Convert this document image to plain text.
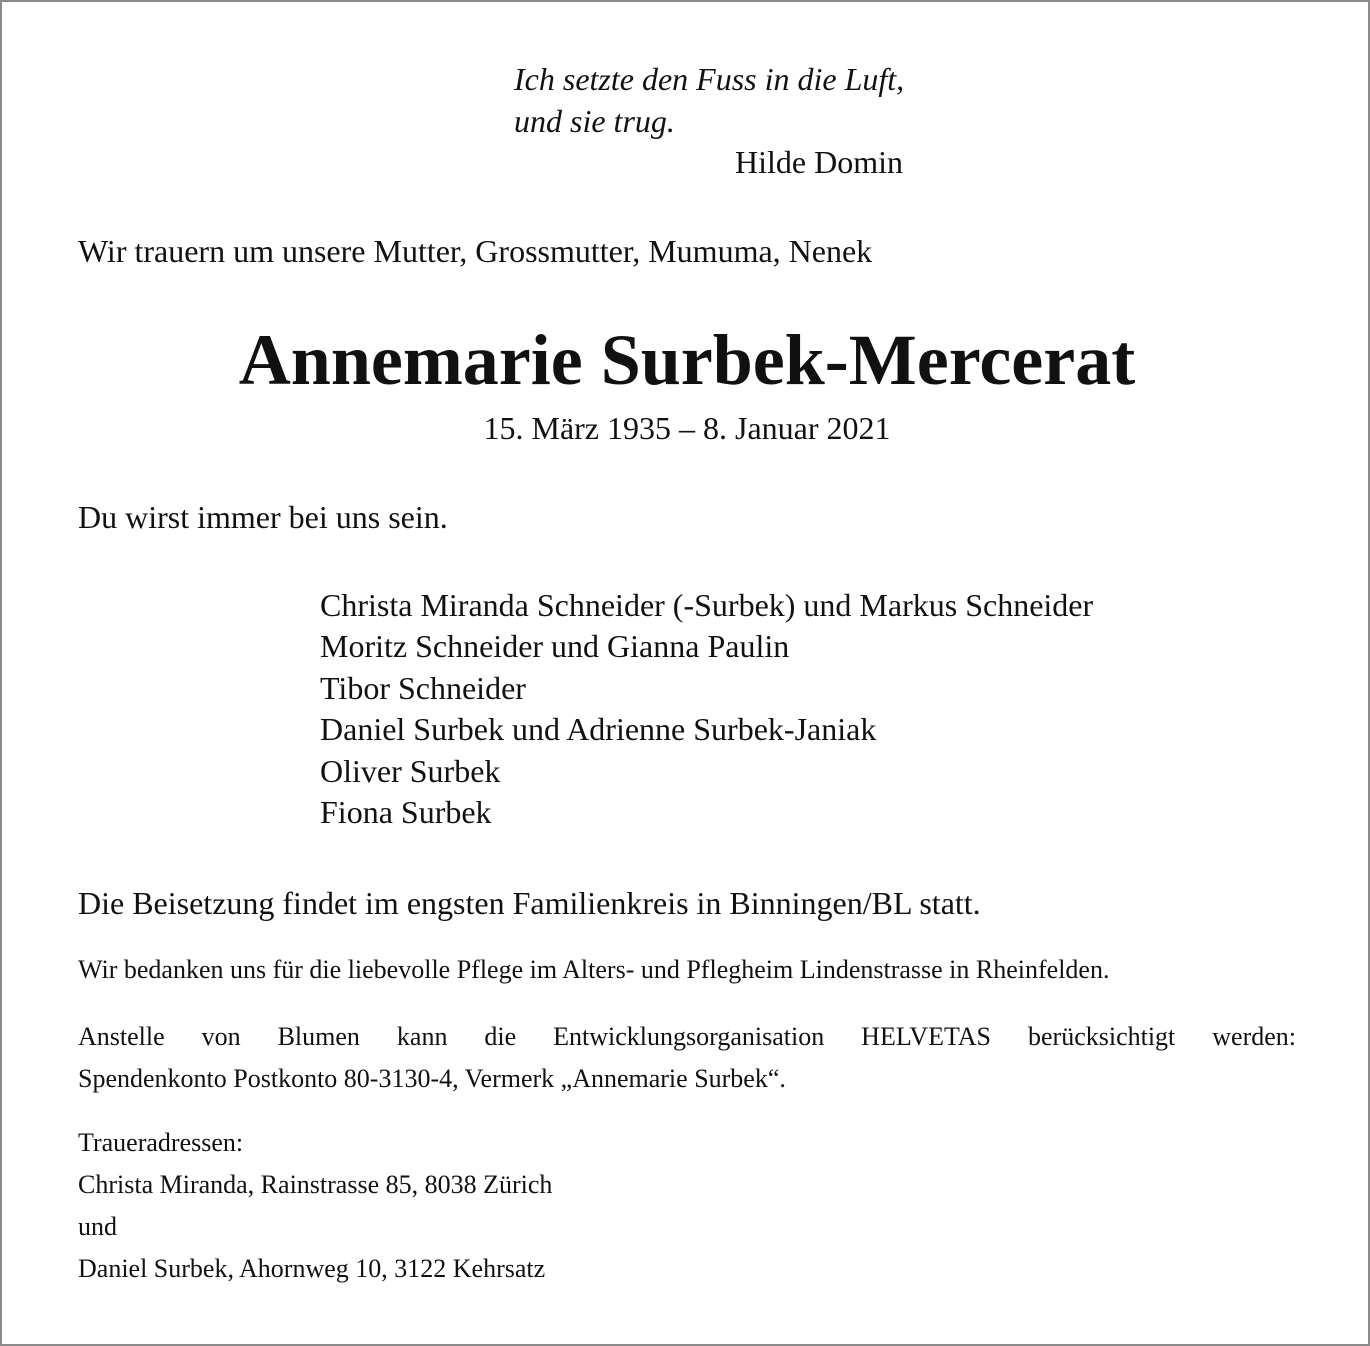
Ich setzte den Fuss in die Luft,
und sie trug.
Hilde Domin
Wir trauern um unsere Mutter, Grossmutter, Mumuma, Nenek
Annemarie Surbek-Mercerat
15. März 1935 – 8. Januar 2021
Du wirst immer bei uns sein.
Christa Miranda Schneider (-Surbek) und Markus Schneider
Moritz Schneider und Gianna Paulin
Tibor Schneider
Daniel Surbek und Adrienne Surbek-Janiak
Oliver Surbek
Fiona Surbek
Die Beisetzung findet im engsten Familienkreis in Binningen/BL statt.
Wir bedanken uns für die liebevolle Pflege im Alters- und Pflegheim Lindenstrasse in Rheinfelden.
Anstelle von Blumen kann die Entwicklungsorganisation HELVETAS berücksichtigt werden:
Spendenkonto Postkonto 80-3130-4, Vermerk „Annemarie Surbek“.
Traueradressen:
Christa Miranda, Rainstrasse 85, 8038 Zürich
und
Daniel Surbek, Ahornweg 10, 3122 Kehrsatz
